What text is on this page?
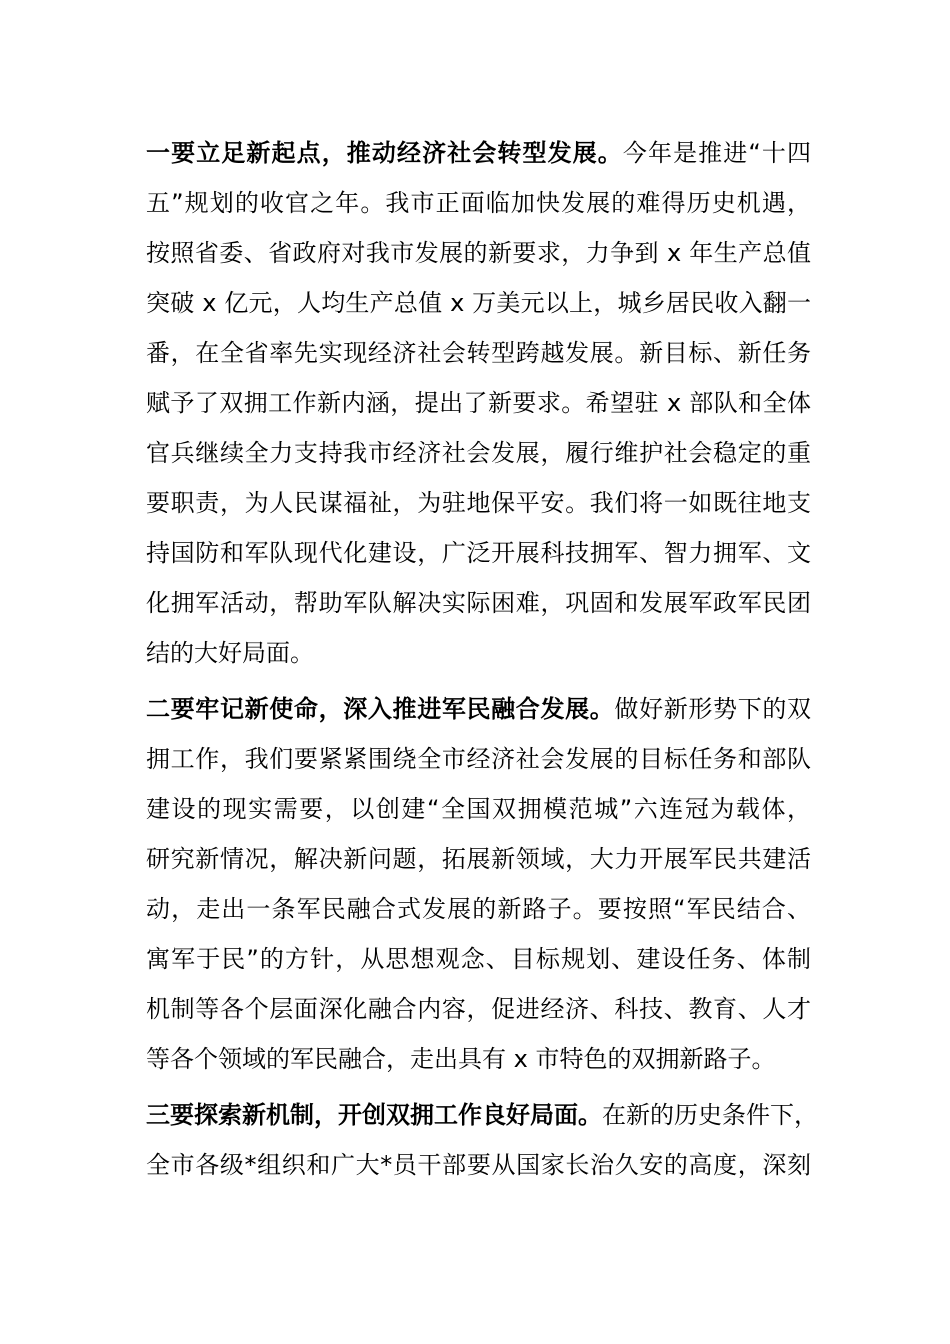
一要立足新起点，推动经济社会转型发展。今年是推进“十四
五”规划的收官之年。我市正面临加快发展的难得历史机遇，
按照省委、省政府对我市发展的新要求，力争到 x 年生产总值
突破 x 亿元，人均生产总值 x 万美元以上，城乡居民收入翻一
番，在全省率先实现经济社会转型跨越发展。新目标、新任务
赋予了双拥工作新内涵，提出了新要求。希望驻 x 部队和全体
官兵继续全力支持我市经济社会发展，履行维护社会稳定的重
要职责，为人民谋福祉，为驻地保平安。我们将一如既往地支
持国防和军队现代化建设，广泛开展科技拥军、智力拥军、文
化拥军活动，帮助军队解决实际困难，巩固和发展军政军民团
结的大好局面。
二要牢记新使命，深入推进军民融合发展。做好新形势下的双
拥工作，我们要紧紧围绕全市经济社会发展的目标任务和部队
建设的现实需要，以创建“全国双拥模范城”六连冠为载体，
研究新情况，解决新问题，拓展新领域，大力开展军民共建活
动，走出一条军民融合式发展的新路子。要按照“军民结合、
寓军于民”的方针，从思想观念、目标规划、建设任务、体制
机制等各个层面深化融合内容，促进经济、科技、教育、人才
等各个领域的军民融合，走出具有 x 市特色的双拥新路子。
三要探索新机制，开创双拥工作良好局面。在新的历史条件下，
全市各级*组织和广大*员干部要从国家长治久安的高度，深刻
